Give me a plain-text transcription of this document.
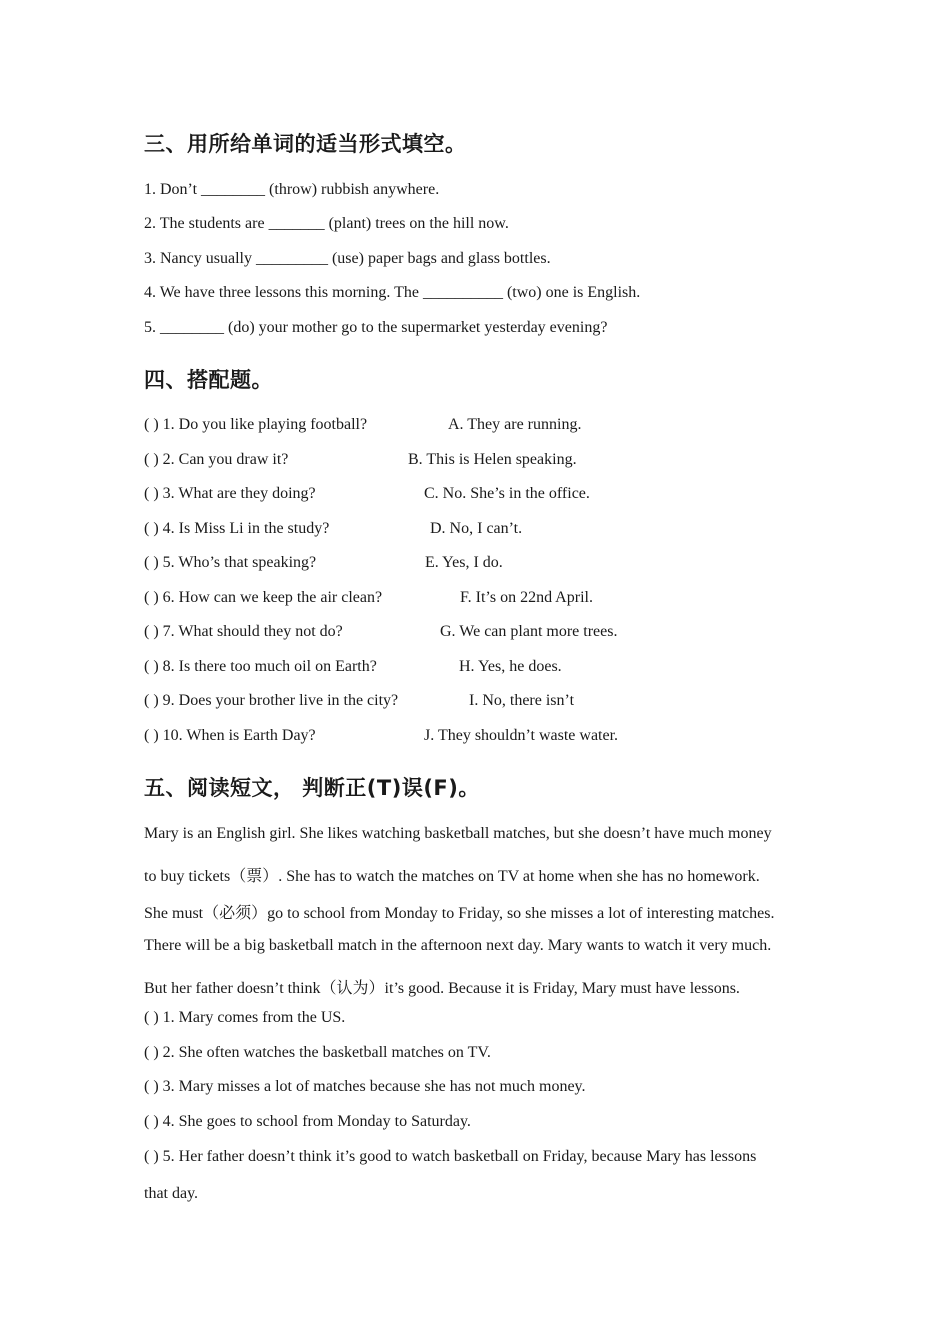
三、用所给单词的适当形式填空。
1. Don’t ________ (throw) rubbish anywhere.
2. The students are _______ (plant) trees on the hill now.
3. Nancy usually _________ (use) paper bags and glass bottles.
4. We have three lessons this morning. The __________ (two) one is English.
5. ________ (do) your mother go to the supermarket yesterday evening?
四、搭配题。
( ) 1. Do you like playing football?	A. They are running.
( ) 2. Can you draw it?	B. This is Helen speaking.
( ) 3. What are they doing?	C. No. She’s in the office.
( ) 4. Is Miss Li in the study?	D. No, I can’t.
( ) 5. Who’s that speaking?	E. Yes, I do.
( ) 6. How can we keep the air clean?	F. It’s on 22nd April.
( ) 7. What should they not do?	G. We can plant more trees.
( ) 8. Is there too much oil on Earth?	H. Yes, he does.
( ) 9. Does your brother live in the city?	I. No, there isn’t
( ) 10. When is Earth Day?	J. They shouldn’t waste water.
五、阅读短文， 判断正(T)误(F)。
Mary is an English girl. She likes watching basketball matches, but she doesn’t have much money
to buy tickets（票）. She has to watch the matches on TV at home when she has no homework.
She must（必须）go to school from Monday to Friday, so she misses a lot of interesting matches.
There will be a big basketball match in the afternoon next day. Mary wants to watch it very much.
But her father doesn’t think（认为）it’s good. Because it is Friday, Mary must have lessons.
( ) 1. Mary comes from the US.
( ) 2. She often watches the basketball matches on TV.
( ) 3. Mary misses a lot of matches because she has not much money.
( ) 4. She goes to school from Monday to Saturday.
( ) 5. Her father doesn’t think it’s good to watch basketball on Friday, because Mary has lessons
that day.
